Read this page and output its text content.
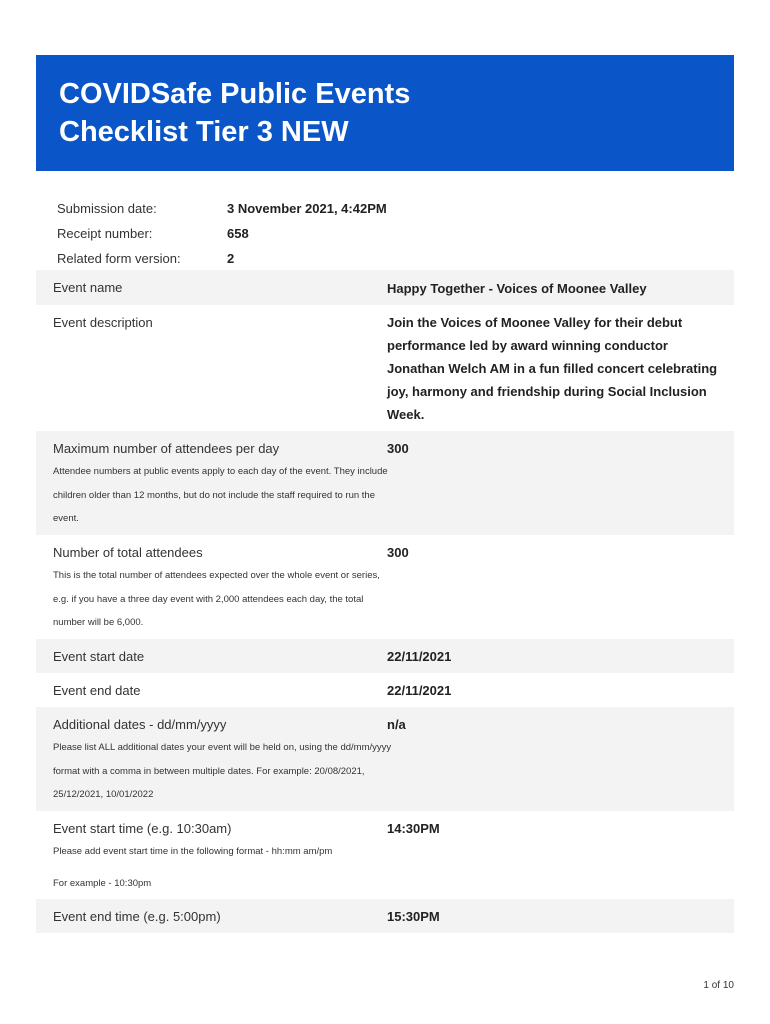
COVIDSafe Public Events Checklist Tier 3 NEW
Submission date:	3 November 2021, 4:42PM
Receipt number:	658
Related form version:	2
Event name	Happy Together - Voices of Moonee Valley
Event description	Join the Voices of Moonee Valley for their debut performance led by award winning conductor Jonathan Welch AM in a fun filled concert celebrating joy, harmony and friendship during Social Inclusion Week.
Maximum number of attendees per day	300
Attendee numbers at public events apply to each day of the event. They include children older than 12 months, but do not include the staff required to run the event.
Number of total attendees	300
This is the total number of attendees expected over the whole event or series, e.g. if you have a three day event with 2,000 attendees each day, the total number will be 6,000.
Event start date	22/11/2021
Event end date	22/11/2021
Additional dates - dd/mm/yyyy	n/a
Please list ALL additional dates your event will be held on, using the dd/mm/yyyy format with a comma in between multiple dates. For example: 20/08/2021, 25/12/2021, 10/01/2022
Event start time (e.g. 10:30am)	14:30PM
Please add event start time in the following format - hh:mm am/pm
For example - 10:30pm
Event end time (e.g. 5:00pm)	15:30PM
1 of 10
